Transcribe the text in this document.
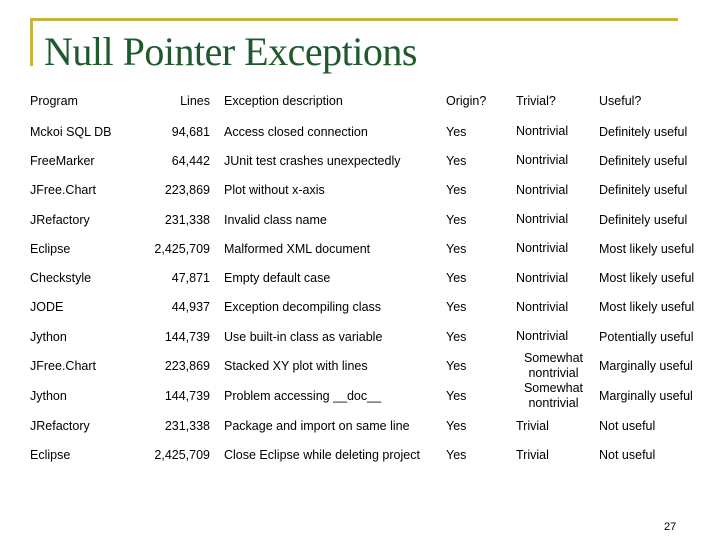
Null Pointer Exceptions
Program	Lines	Exception description	Origin?	Trivial?	Useful?
Mckoi SQL DB	94,681	Access closed connection	Yes	Nontrivial	Definitely useful
FreeMarker	64,442	JUnit test crashes unexpectedly	Yes	Nontrivial	Definitely useful
JFree.Chart	223,869	Plot without x-axis	Yes	Nontrivial	Definitely useful
JRefactory	231,338	Invalid class name	Yes	Nontrivial	Definitely useful
Eclipse	2,425,709	Malformed XML document	Yes	Nontrivial	Most likely useful
Checkstyle	47,871	Empty default case	Yes	Nontrivial	Most likely useful
JODE	44,937	Exception decompiling class	Yes	Nontrivial	Most likely useful
Jython	144,739	Use built-in class as variable	Yes	Nontrivial	Potentially useful
JFree.Chart	223,869	Stacked XY plot with lines	Yes	Somewhat nontrivial	Marginally useful
Jython	144,739	Problem accessing __doc__	Yes	Somewhat nontrivial	Marginally useful
JRefactory	231,338	Package and import on same line	Yes	Trivial	Not useful
Eclipse	2,425,709	Close Eclipse while deleting project	Yes	Trivial	Not useful
27
